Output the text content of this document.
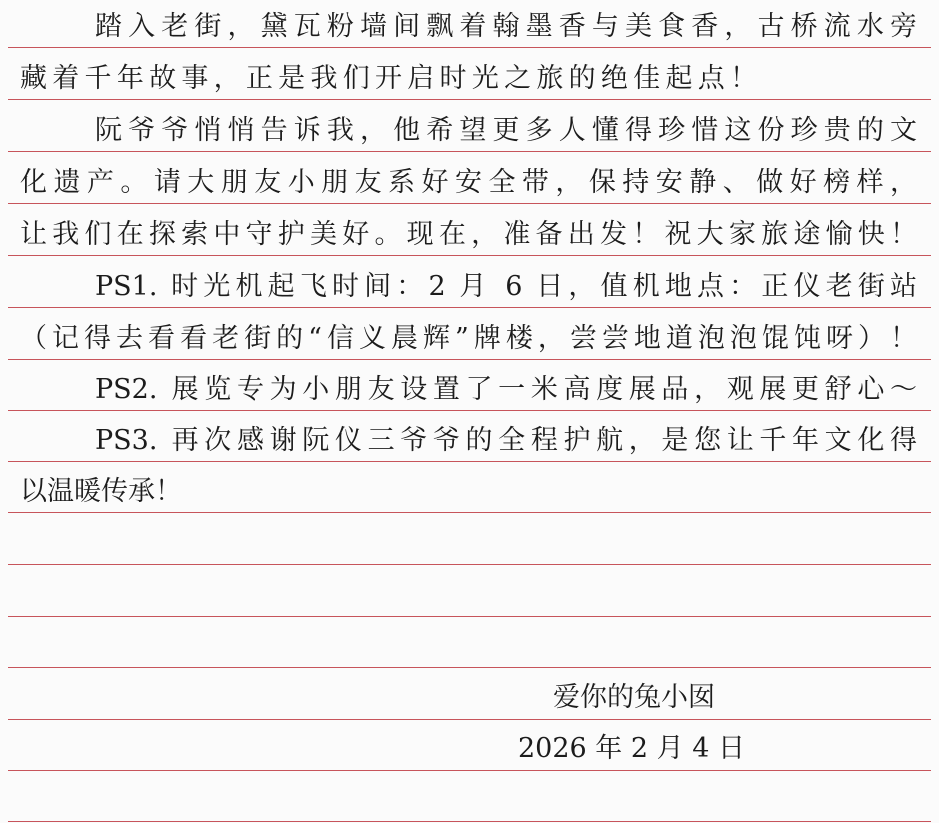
踏入老街，黛瓦粉墙间飘着翰墨香与美食香，古桥流水旁
藏着千年故事，正是我们开启时光之旅的绝佳起点！
阮爷爷悄悄告诉我，他希望更多人懂得珍惜这份珍贵的文
化遗产。请大朋友小朋友系好安全带，保持安静、做好榜样，
让我们在探索中守护美好。现在，准备出发！祝大家旅途愉快！
PS1. 时光机起飞时间：2 月 6 日，值机地点：正仪老街站
（记得去看看老街的“信义晨辉”牌楼，尝尝地道泡泡馄饨呀）！
PS2. 展览专为小朋友设置了一米高度展品，观展更舒心～
PS3. 再次感谢阮仪三爷爷的全程护航，是您让千年文化得
以温暖传承！
爱你的兔小囡
2026 年 2 月 4 日
